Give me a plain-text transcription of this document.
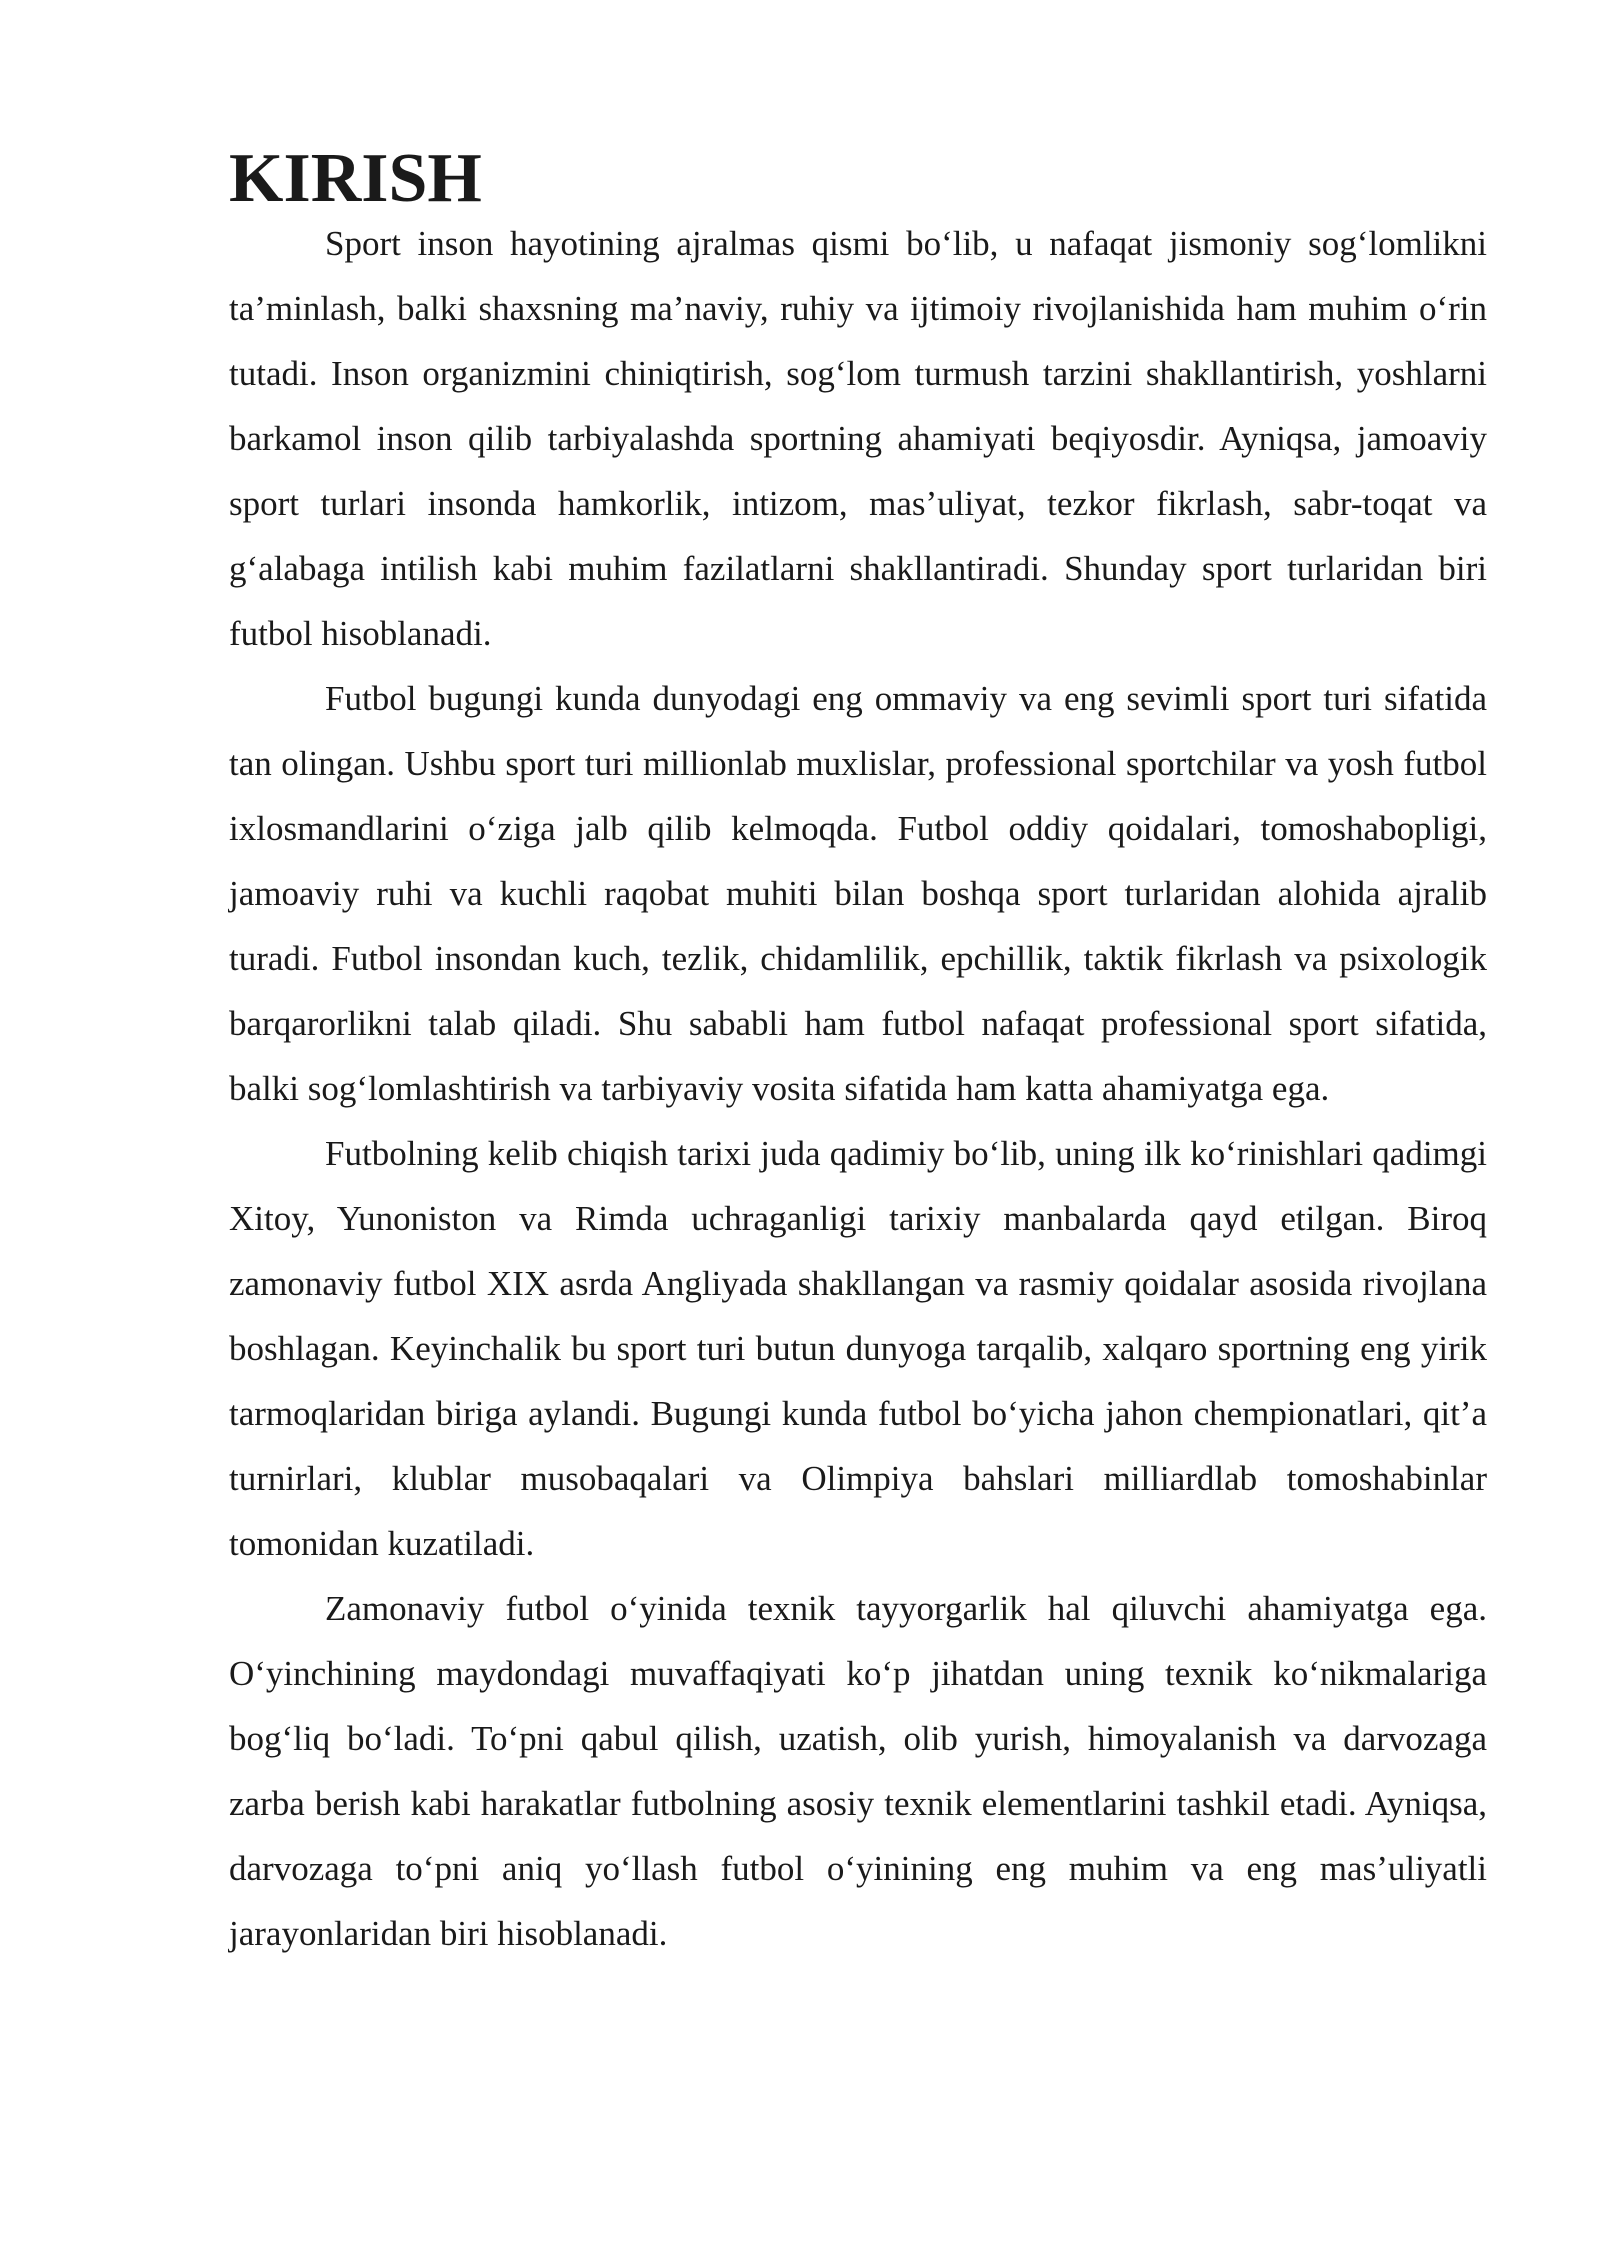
KIRISH

Sport inson hayotining ajralmas qismi bo‘lib, u nafaqat jismoniy sog‘lomlikni ta’minlash, balki shaxsning ma’naviy, ruhiy va ijtimoiy rivojlanishida ham muhim o‘rin tutadi. Inson organizmini chiniqtirish, sog‘lom turmush tarzini shakllantirish, yoshlarni barkamol inson qilib tarbiyalashda sportning ahamiyati beqiyosdir. Ayniqsa, jamoaviy sport turlari insonda hamkorlik, intizom, mas’uliyat, tezkor fikrlash, sabr-toqat va g‘alabaga intilish kabi muhim fazilatlarni shakllantiradi. Shunday sport turlaridan biri futbol hisoblanadi.

Futbol bugungi kunda dunyodagi eng ommaviy va eng sevimli sport turi sifatida tan olingan. Ushbu sport turi millionlab muxlislar, professional sportchilar va yosh futbol ixlosmandlarini o‘ziga jalb qilib kelmoqda. Futbol oddiy qoidalari, tomoshabopligi, jamoaviy ruhi va kuchli raqobat muhiti bilan boshqa sport turlaridan alohida ajralib turadi. Futbol insondan kuch, tezlik, chidamlilik, epchillik, taktik fikrlash va psixologik barqarorlikni talab qiladi. Shu sababli ham futbol nafaqat professional sport sifatida, balki sog‘lomlashtirish va tarbiyaviy vosita sifatida ham katta ahamiyatga ega.

Futbolning kelib chiqish tarixi juda qadimiy bo‘lib, uning ilk ko‘rinishlari qadimgi Xitoy, Yunoniston va Rimda uchraganligi tarixiy manbalarda qayd etilgan. Biroq zamonaviy futbol XIX asrda Angliyada shakllangan va rasmiy qoidalar asosida rivojlana boshlagan. Keyinchalik bu sport turi butun dunyoga tarqalib, xalqaro sportning eng yirik tarmoqlaridan biriga aylandi. Bugungi kunda futbol bo‘yicha jahon chempionatlari, qit’a turnirlari, klublar musobaqalari va Olimpiya bahslari milliardlab tomoshabinlar tomonidan kuzatiladi.

Zamonaviy futbol o‘yinida texnik tayyorgarlik hal qiluvchi ahamiyatga ega. O‘yinchining maydondagi muvaffaqiyati ko‘p jihatdan uning texnik ko‘nikmalariga bog‘liq bo‘ladi. To‘pni qabul qilish, uzatish, olib yurish, himoyalanish va darvozaga zarba berish kabi harakatlar futbolning asosiy texnik elementlarini tashkil etadi. Ayniqsa, darvozaga to‘pni aniq yo‘llash futbol o‘yinining eng muhim va eng mas’uliyatli jarayonlaridan biri hisoblanadi.
